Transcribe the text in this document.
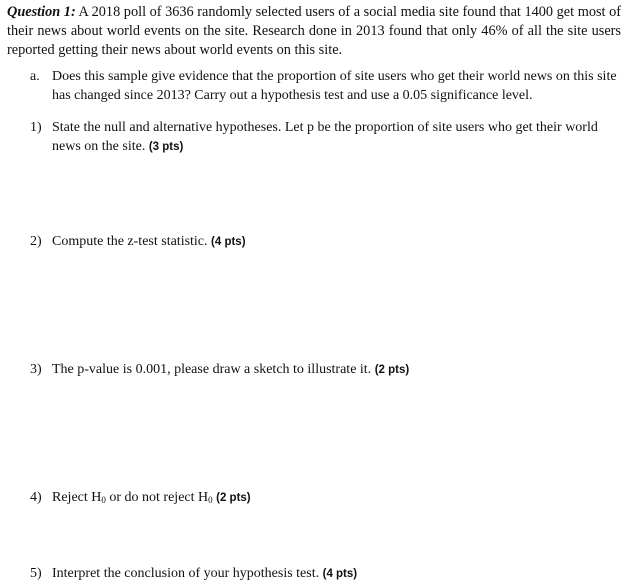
Question 1: A 2018 poll of 3636 randomly selected users of a social media site found that 1400 get most of their news about world events on the site. Research done in 2013 found that only 46% of all the site users reported getting their news about world events on this site.
a. Does this sample give evidence that the proportion of site users who get their world news on this site has changed since 2013? Carry out a hypothesis test and use a 0.05 significance level.
1) State the null and alternative hypotheses. Let p be the proportion of site users who get their world news on the site. (3 pts)
2) Compute the z-test statistic. (4 pts)
3) The p-value is 0.001, please draw a sketch to illustrate it. (2 pts)
4) Reject $H_0$ or do not reject $H_0$ (2 pts)
5) Interpret the conclusion of your hypothesis test. (4 pts)
